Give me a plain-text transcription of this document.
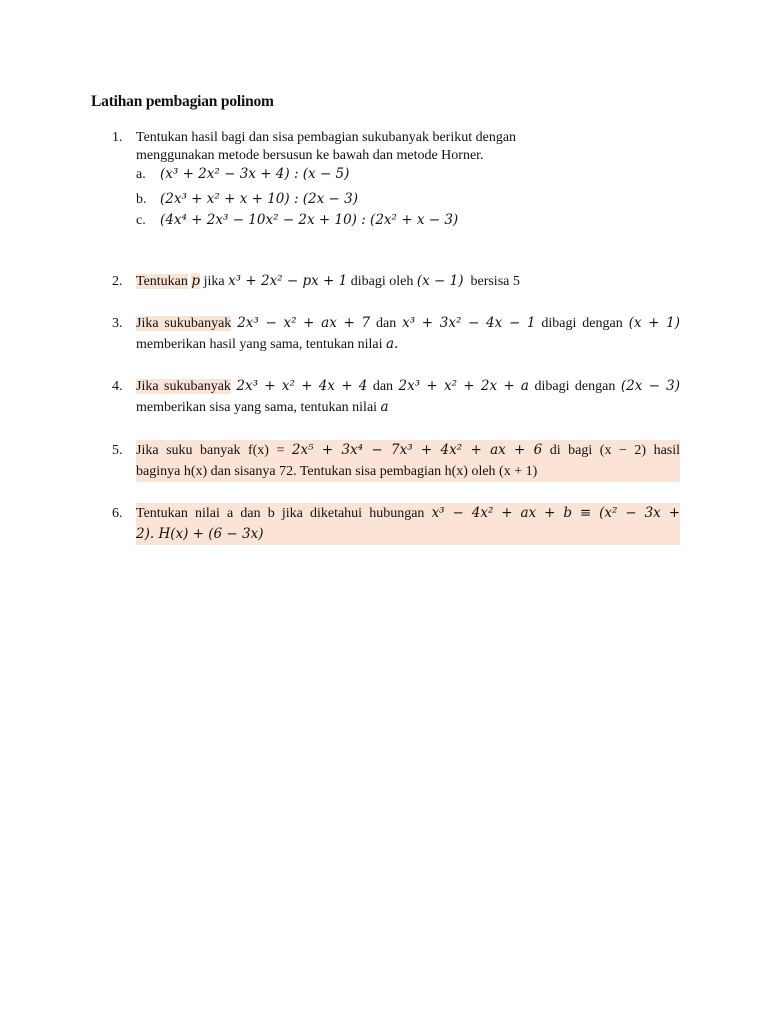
Latihan pembagian polinom
1. Tentukan hasil bagi dan sisa pembagian sukubanyak berikut dengan
menggunakan metode bersusun ke bawah dan metode Horner.
a. (x³ + 2x² − 3x + 4) : (x − 5)
b. (2x³ + x² + x + 10) : (2x − 3)
c. (4x⁴ + 2x³ − 10x² − 2x + 10) : (2x² + x − 3)
2. Tentukan p jika x³ + 2x² − px + 1 dibagi oleh (x − 1) bersisa 5
3. Jika sukubanyak 2x³ − x² + ax + 7 dan x³ + 3x² − 4x − 1 dibagi dengan (x + 1)
memberikan hasil yang sama, tentukan nilai a.
4. Jika sukubanyak 2x³ + x² + 4x + 4 dan 2x³ + x² + 2x + a dibagi dengan (2x − 3)
memberikan sisa yang sama, tentukan nilai a
5. Jika suku banyak f(x) = 2x⁵ + 3x⁴ − 7x³ + 4x² + ax + 6 di bagi (x − 2) hasil
baginya h(x) dan sisanya 72. Tentukan sisa pembagian h(x) oleh (x + 1)
6. Tentukan nilai a dan b jika diketahui hubungan x³ − 4x² + ax + b ≡ (x² − 3x +
2). H(x) + (6 − 3x)
